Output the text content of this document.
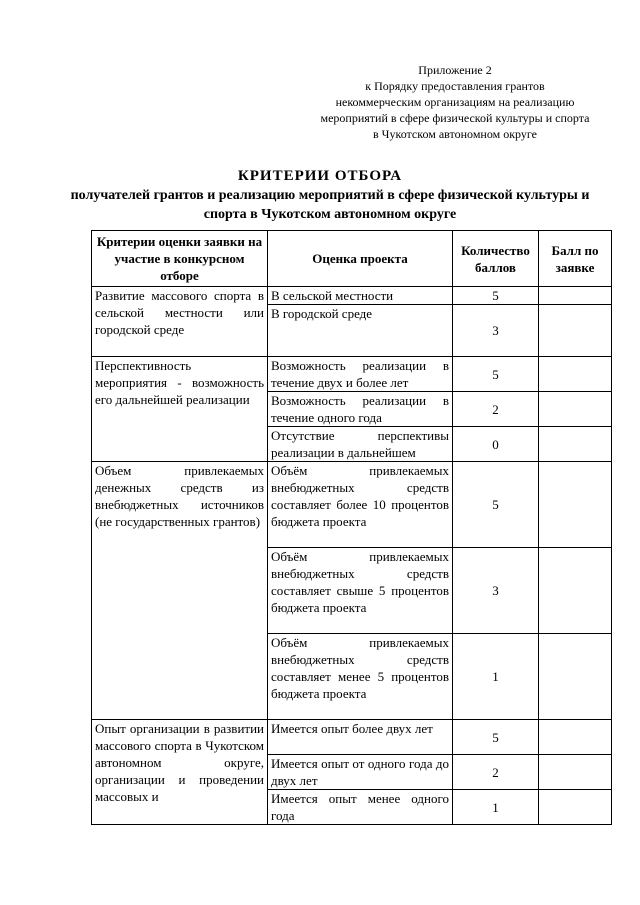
Приложение 2
к Порядку предоставления грантов
некоммерческим организациям на реализацию
мероприятий в сфере физической культуры и спорта
в Чукотском автономном округе
КРИТЕРИИ ОТБОРА
получателей грантов и реализацию мероприятий в сфере физической культуры и спорта в Чукотском автономном округе
Критерии оценки заявки на участие в конкурсном отборе	Оценка проекта	Количество баллов	Балл по заявке
Развитие массового спорта в сельской местности или городской среде	В сельской местности	5	
	В городской среде	3	
Перспективность мероприятия - возможность его дальнейшей реализации	Возможность реализации в течение двух и более лет	5	
	Возможность реализации в течение одного года	2	
	Отсутствие перспективы реализации в дальнейшем	0	
Объем привлекаемых денежных средств из внебюджетных источников (не государственных грантов)	Объём привлекаемых внебюджетных средств составляет более 10 процентов бюджета проекта	5	
	Объём привлекаемых внебюджетных средств составляет свыше 5 процентов бюджета проекта	3	
	Объём привлекаемых внебюджетных средств составляет менее 5 процентов бюджета проекта	1	
Опыт организации в развитии массового спорта в Чукотском автономном округе, организации и проведении массовых и	Имеется опыт более двух лет	5	
	Имеется опыт от одного года до двух лет	2	
	Имеется опыт менее одного года	1	
